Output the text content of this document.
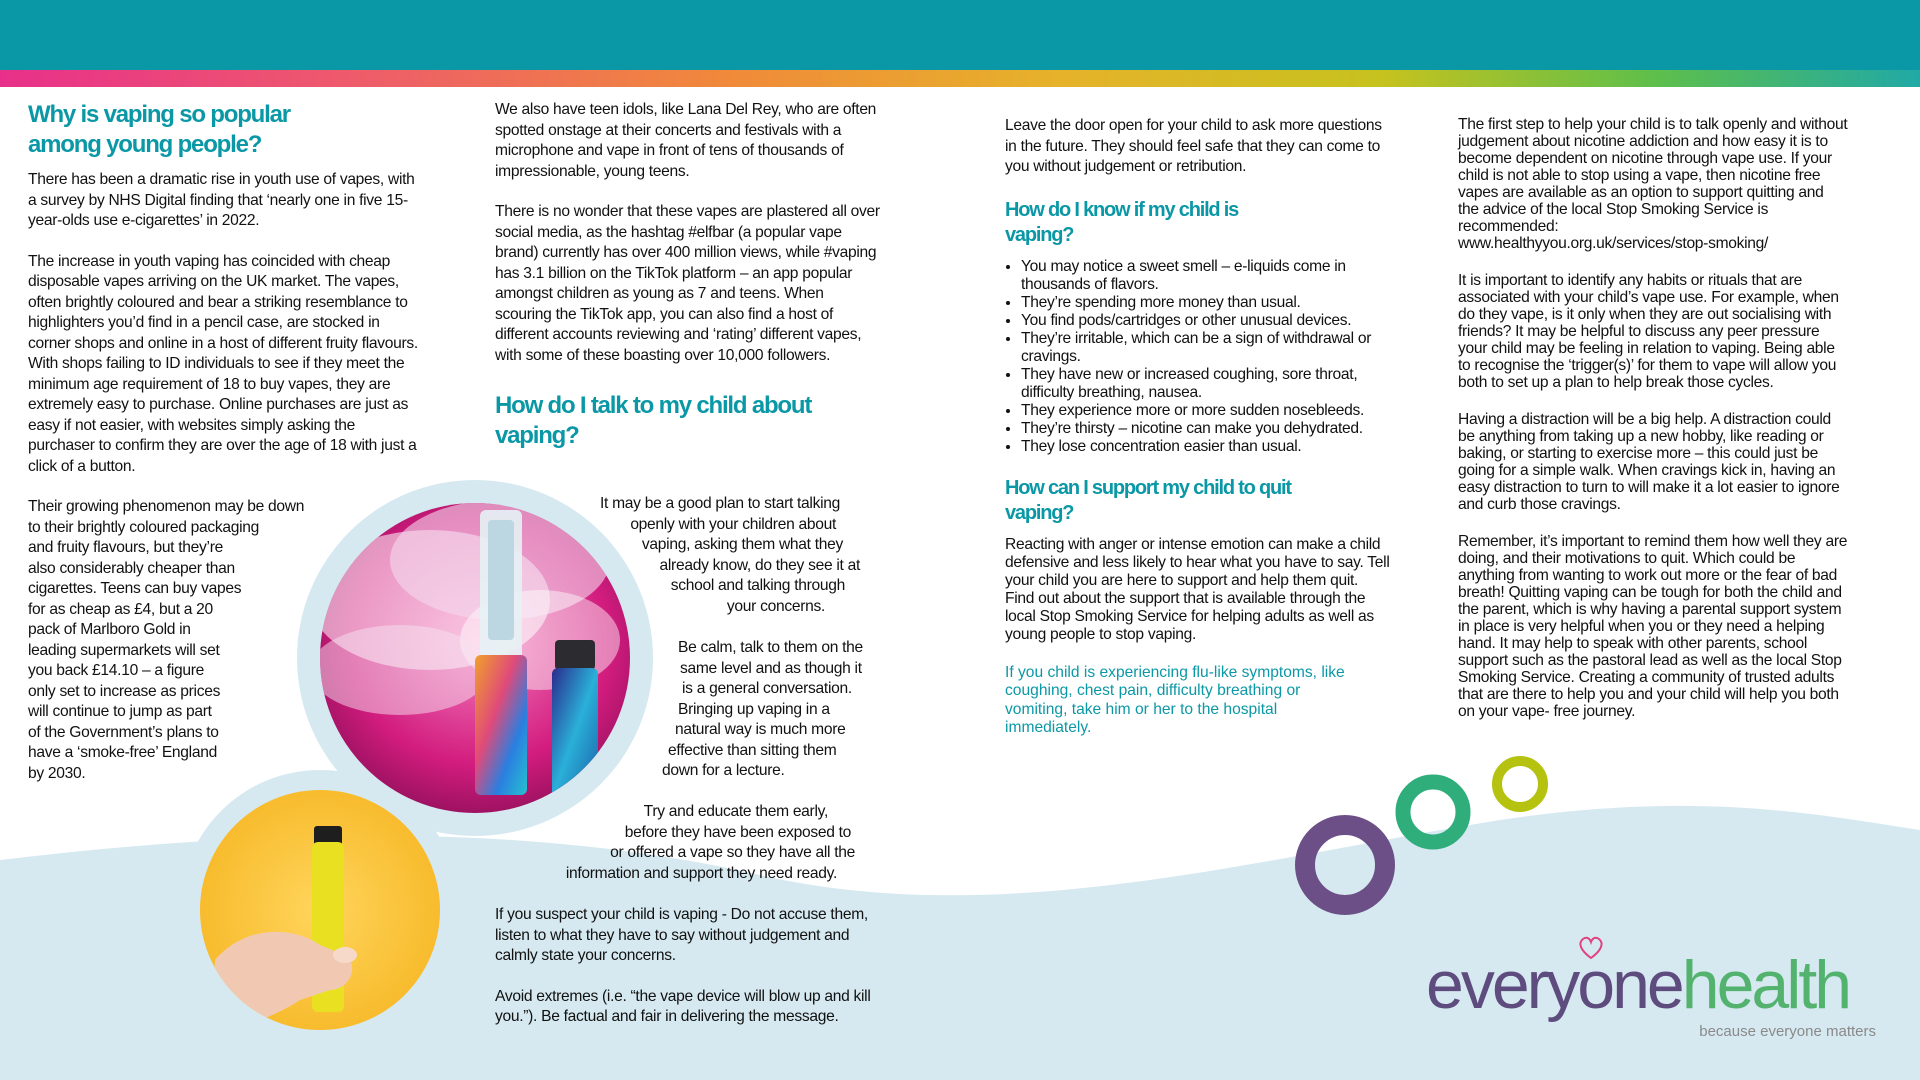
Why is vaping so popular among young people?

There has been a dramatic rise in youth use of vapes, with a survey by NHS Digital finding that ‘nearly one in five 15-year-olds use e-cigarettes’ in 2022.

The increase in youth vaping has coincided with cheap disposable vapes arriving on the UK market. The vapes, often brightly coloured and bear a striking resemblance to highlighters you’d find in a pencil case, are stocked in corner shops and online in a host of different fruity flavours. With shops failing to ID individuals to see if they meet the minimum age requirement of 18 to buy vapes, they are extremely easy to purchase. Online purchases are just as easy if not easier, with websites simply asking the purchaser to confirm they are over the age of 18 with just a click of a button.

Their growing phenomenon may be down
to their brightly coloured packaging
and fruity flavours, but they’re
also considerably cheaper than
cigarettes. Teens can buy vapes
for as cheap as £4, but a 20
pack of Marlboro Gold in
leading supermarkets will set
you back £14.10 – a figure
only set to increase as prices
will continue to jump as part
of the Government’s plans to
have a ‘smoke-free’ England
by 2030.

We also have teen idols, like Lana Del Rey, who are often spotted onstage at their concerts and festivals with a microphone and vape in front of tens of thousands of impressionable, young teens.

There is no wonder that these vapes are plastered all over social media, as the hashtag #elfbar (a popular vape brand) currently has over 400 million views, while #vaping has 3.1 billion on the TikTok platform – an app popular amongst children as young as 7 and teens. When scouring the TikTok app, you can also find a host of different accounts reviewing and ‘rating’ different vapes, with some of these boasting over 10,000 followers.

How do I talk to my child about vaping?
It may be a good plan to start talking
openly with your children about
vaping, asking them what they
already know, do they see it at
school and talking through
your concerns.
Be calm, talk to them on the
same level and as though it
is a general conversation.
Bringing up vaping in a
natural way is much more
effective than sitting them
down for a lecture.
Try and educate them early,
before they have been exposed to
or offered a vape so they have all the
information and support they need ready.

If you suspect your child is vaping - Do not accuse them, listen to what they have to say without judgement and calmly state your concerns.

Avoid extremes (i.e. “the vape device will blow up and kill you.”). Be factual and fair in delivering the message.

Leave the door open for your child to ask more questions in the future. They should feel safe that they can come to you without judgement or retribution.

How do I know if my child is vaping?
• You may notice a sweet smell – e-liquids come in thousands of flavors.
• They’re spending more money than usual.
• You find pods/cartridges or other unusual devices.
• They’re irritable, which can be a sign of withdrawal or cravings.
• They have new or increased coughing, sore throat, difficulty breathing, nausea.
• They experience more or more sudden nosebleeds.
• They’re thirsty – nicotine can make you dehydrated.
• They lose concentration easier than usual.
How can I support my child to quit vaping?

Reacting with anger or intense emotion can make a child defensive and less likely to hear what you have to say. Tell your child you are here to support and help them quit. Find out about the support that is available through the local Stop Smoking Service for helping adults as well as young people to stop vaping.

If you child is experiencing flu-like symptoms, like coughing, chest pain, difficulty breathing or vomiting, take him or her to the hospital immediately.

The first step to help your child is to talk openly and without judgement about nicotine addiction and how easy it is to become dependent on nicotine through vape use. If your child is not able to stop using a vape, then nicotine free vapes are available as an option to support quitting and the advice of the local Stop Smoking Service is recommended:

www.healthyyou.org.uk/services/stop-smoking/

It is important to identify any habits or rituals that are associated with your child’s vape use. For example, when do they vape, is it only when they are out socialising with friends? It may be helpful to discuss any peer pressure your child may be feeling in relation to vaping. Being able to recognise the ‘trigger(s)’ for them to vape will allow you both to set up a plan to help break those cycles.

Having a distraction will be a big help. A distraction could be anything from taking up a new hobby, like reading or baking, or starting to exercise more – this could just be going for a simple walk. When cravings kick in, having an easy distraction to turn to will make it a lot easier to ignore and curb those cravings.

Remember, it’s important to remind them how well they are doing, and their motivations to quit. Which could be anything from wanting to work out more or the fear of bad breath! Quitting vaping can be tough for both the child and the parent, which is why having a parental support system in place is very helpful when you or they need a helping hand. It may help to speak with other parents, school support such as the pastoral lead as well as the local Stop Smoking Service. Creating a community of trusted adults that are there to help you and your child will help you both on your vape- free journey.

everyonehealth
because everyone matters
